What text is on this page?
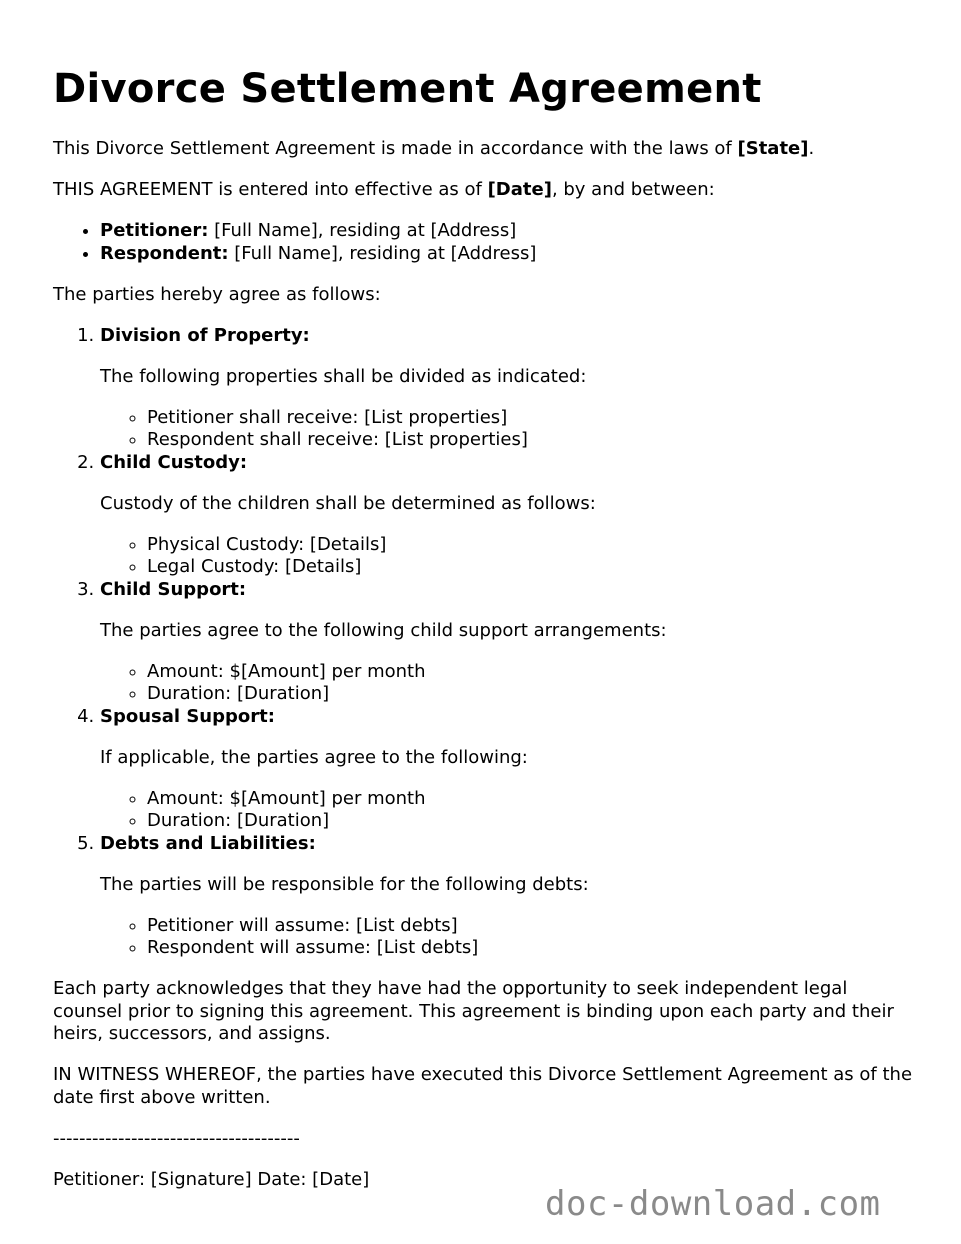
Divorce Settlement Agreement

This Divorce Settlement Agreement is made in accordance with the laws of [State].

THIS AGREEMENT is entered into effective as of [Date], by and between:

• Petitioner: [Full Name], residing at [Address]
• Respondent: [Full Name], residing at [Address]

The parties hereby agree as follows:

1. Division of Property:
The following properties shall be divided as indicated:
◦ Petitioner shall receive: [List properties]
◦ Respondent shall receive: [List properties]
2. Child Custody:
Custody of the children shall be determined as follows:
◦ Physical Custody: [Details]
◦ Legal Custody: [Details]
3. Child Support:
The parties agree to the following child support arrangements:
◦ Amount: $[Amount] per month
◦ Duration: [Duration]
4. Spousal Support:
If applicable, the parties agree to the following:
◦ Amount: $[Amount] per month
◦ Duration: [Duration]
5. Debts and Liabilities:
The parties will be responsible for the following debts:
◦ Petitioner will assume: [List debts]
◦ Respondent will assume: [List debts]

Each party acknowledges that they have had the opportunity to seek independent legal counsel prior to signing this agreement. This agreement is binding upon each party and their heirs, successors, and assigns.

IN WITNESS WHEREOF, the parties have executed this Divorce Settlement Agreement as of the date first above written.

--------------------------------------

Petitioner: [Signature] Date: [Date]

doc-download.com
